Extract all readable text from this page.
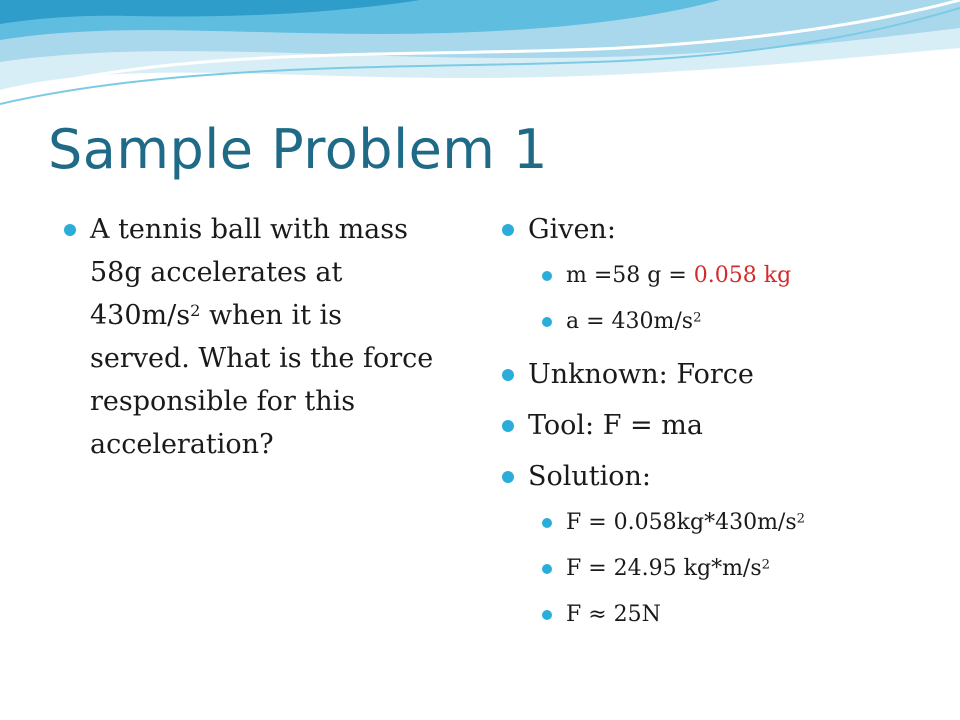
Sample Problem 1
A tennis ball with mass 58g accelerates at $430m/s^2$ when it is served. What is the force responsible for this acceleration?
Given:
m =58 g = 0.058 kg
$a = 430m/s^2$
Unknown: Force
Tool: F = ma
Solution:
$F = 0.058kg*430m/s^2$
F = 24.95 $kg*m/s^2$
F ≈ 25N
